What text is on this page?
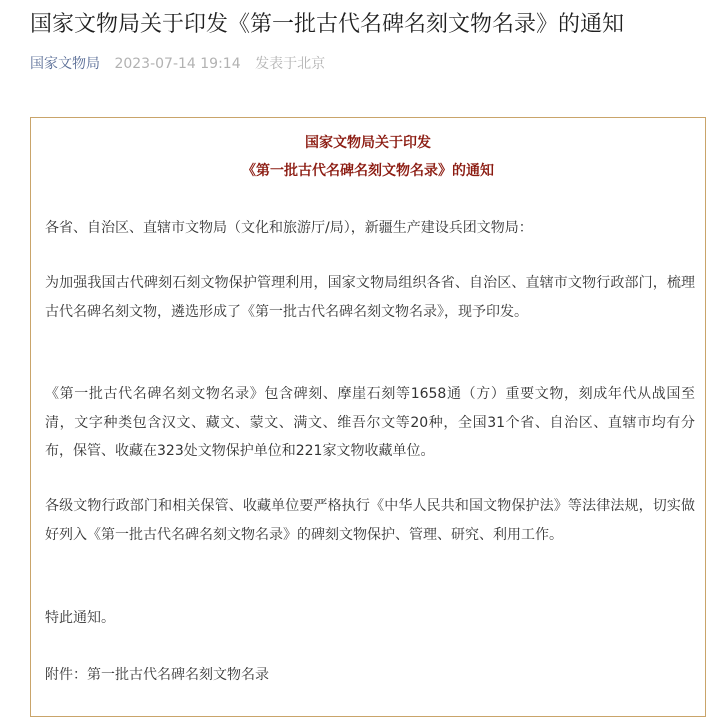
国家文物局关于印发《第一批古代名碑名刻文物名录》的通知
国家文物局 2023-07-14 19:14 发表于北京
国家文物局关于印发
《第一批古代名碑名刻文物名录》的通知

各省、自治区、直辖市文物局（文化和旅游厅/局），新疆生产建设兵团文物局：

为加强我国古代碑刻石刻文物保护管理利用，国家文物局组织各省、自治区、直辖市文物行政部门，梳理古代名碑名刻文物，遴选形成了《第一批古代名碑名刻文物名录》，现予印发。

《第一批古代名碑名刻文物名录》包含碑刻、摩崖石刻等1658通（方）重要文物，刻成年代从战国至清，文字种类包含汉文、藏文、蒙文、满文、维吾尔文等20种，全国31个省、自治区、直辖市均有分布，保管、收藏在323处文物保护单位和221家文物收藏单位。

各级文物行政部门和相关保管、收藏单位要严格执行《中华人民共和国文物保护法》等法律法规，切实做好列入《第一批古代名碑名刻文物名录》的碑刻文物保护、管理、研究、利用工作。

特此通知。

附件：第一批古代名碑名刻文物名录
